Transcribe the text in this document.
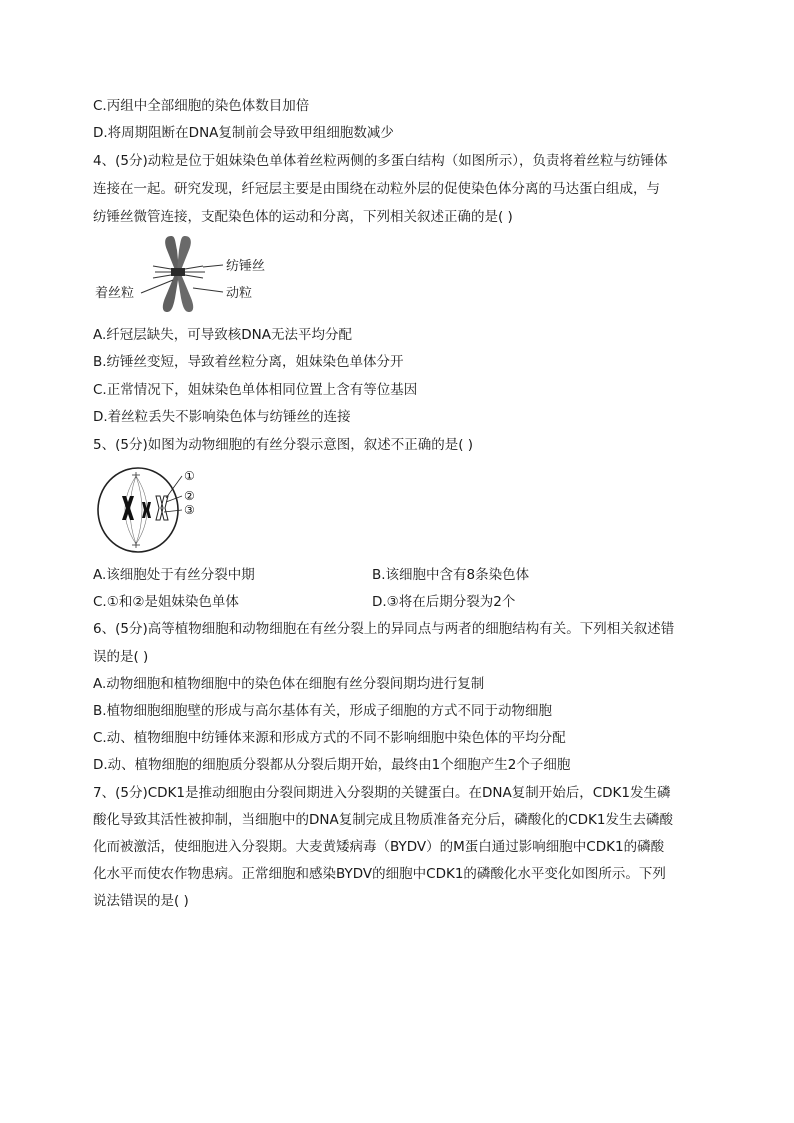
C.丙组中全部细胞的染色体数目加倍
D.将周期阻断在DNA复制前会导致甲组细胞数减少
4、(5分)动粒是位于姐妹染色单体着丝粒两侧的多蛋白结构（如图所示），负责将着丝粒与纺锤体
连接在一起。研究发现，纤冠层主要是由围绕在动粒外层的促使染色体分离的马达蛋白组成，与
纺锤丝微管连接，支配染色体的运动和分离，下列相关叙述正确的是( )
纺锤丝
动粒
着丝粒
A.纤冠层缺失，可导致核DNA无法平均分配
B.纺锤丝变短，导致着丝粒分离，姐妹染色单体分开
C.正常情况下，姐妹染色单体相同位置上含有等位基因
D.着丝粒丢失不影响染色体与纺锤丝的连接
5、(5分)如图为动物细胞的有丝分裂示意图，叙述不正确的是( )
①
②
③
A.该细胞处于有丝分裂中期	B.该细胞中含有8条染色体
C.①和②是姐妹染色单体	D.③将在后期分裂为2个
6、(5分)高等植物细胞和动物细胞在有丝分裂上的异同点与两者的细胞结构有关。下列相关叙述错
误的是( )
A.动物细胞和植物细胞中的染色体在细胞有丝分裂间期均进行复制
B.植物细胞细胞壁的形成与高尔基体有关，形成子细胞的方式不同于动物细胞
C.动、植物细胞中纺锤体来源和形成方式的不同不影响细胞中染色体的平均分配
D.动、植物细胞的细胞质分裂都从分裂后期开始，最终由1个细胞产生2个子细胞
7、(5分)CDK1是推动细胞由分裂间期进入分裂期的关键蛋白。在DNA复制开始后，CDK1发生磷
酸化导致其活性被抑制，当细胞中的DNA复制完成且物质准备充分后，磷酸化的CDK1发生去磷酸
化而被激活，使细胞进入分裂期。大麦黄矮病毒（BYDV）的M蛋白通过影响细胞中CDK1的磷酸
化水平而使农作物患病。正常细胞和感染BYDV的细胞中CDK1的磷酸化水平变化如图所示。下列
说法错误的是( )
